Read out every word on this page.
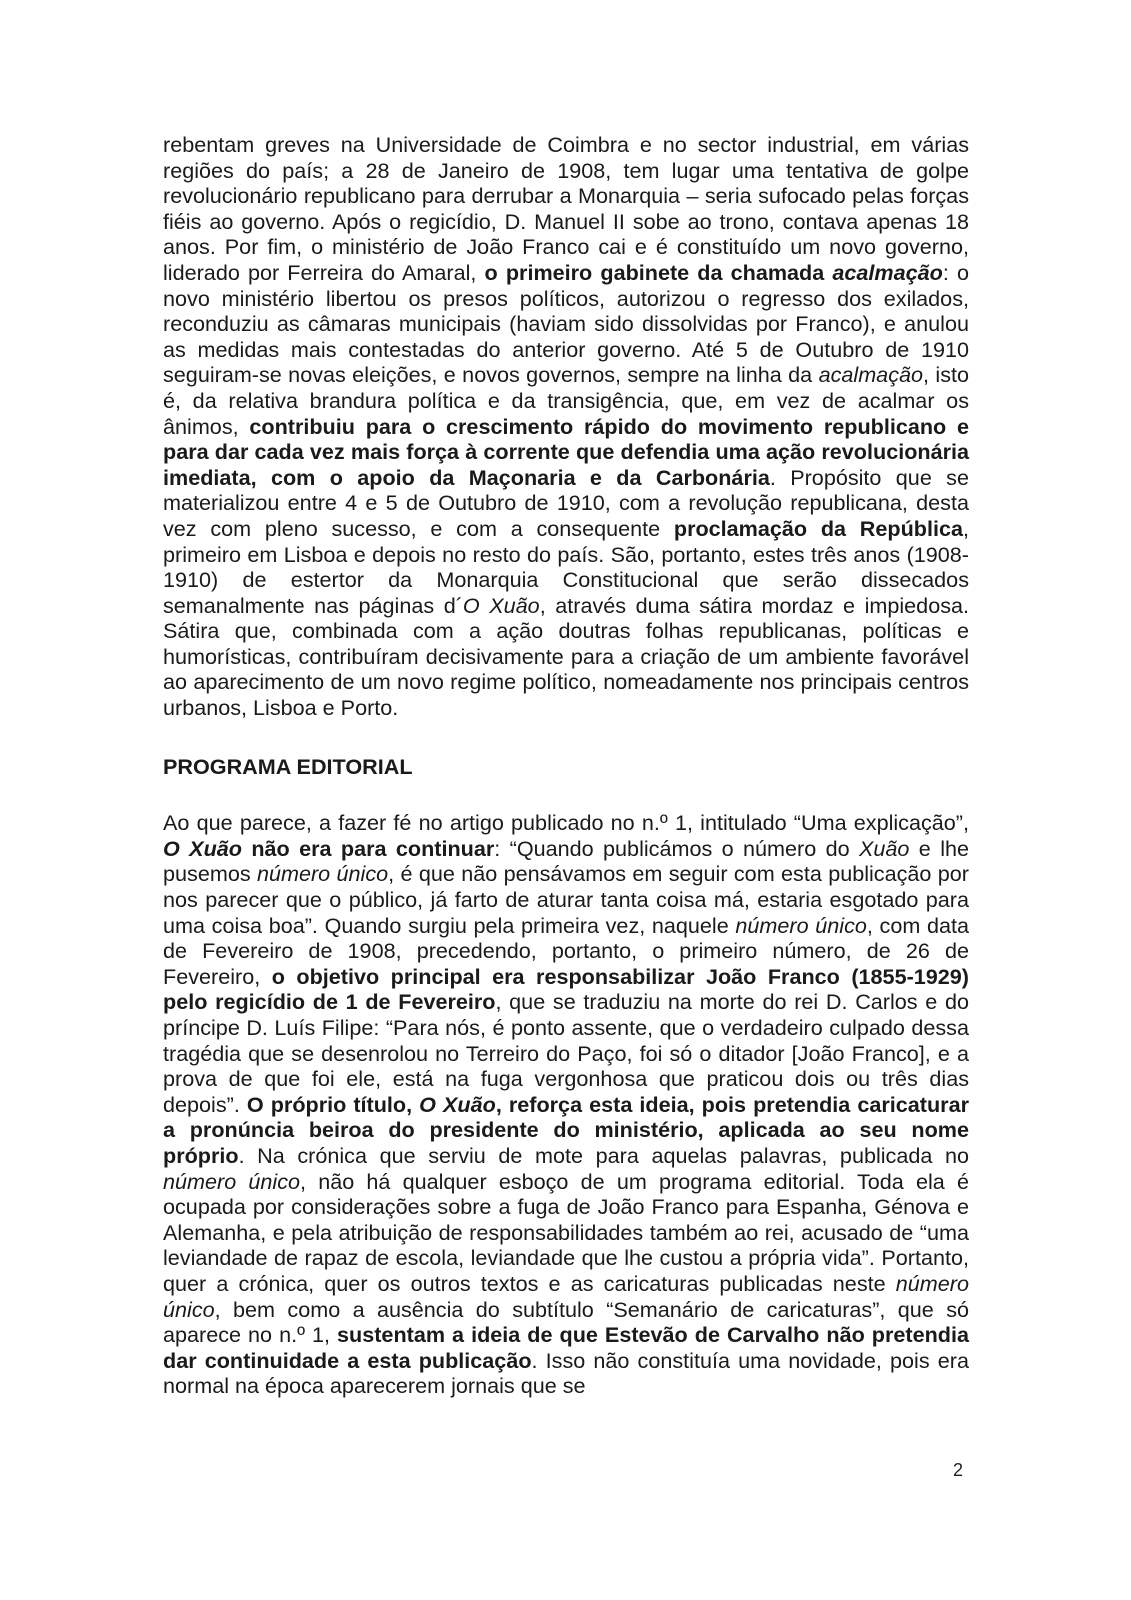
rebentam greves na Universidade de Coimbra e no sector industrial, em várias regiões do país; a 28 de Janeiro de 1908, tem lugar uma tentativa de golpe revolucionário republicano para derrubar a Monarquia – seria sufocado pelas forças fiéis ao governo. Após o regicídio, D. Manuel II sobe ao trono, contava apenas 18 anos. Por fim, o ministério de João Franco cai e é constituído um novo governo, liderado por Ferreira do Amaral, o primeiro gabinete da chamada acalmação: o novo ministério libertou os presos políticos, autorizou o regresso dos exilados, reconduziu as câmaras municipais (haviam sido dissolvidas por Franco), e anulou as medidas mais contestadas do anterior governo. Até 5 de Outubro de 1910 seguiram-se novas eleições, e novos governos, sempre na linha da acalmação, isto é, da relativa brandura política e da transigência, que, em vez de acalmar os ânimos, contribuiu para o crescimento rápido do movimento republicano e para dar cada vez mais força à corrente que defendia uma ação revolucionária imediata, com o apoio da Maçonaria e da Carbonária. Propósito que se materializou entre 4 e 5 de Outubro de 1910, com a revolução republicana, desta vez com pleno sucesso, e com a consequente proclamação da República, primeiro em Lisboa e depois no resto do país. São, portanto, estes três anos (1908-1910) de estertor da Monarquia Constitucional que serão dissecados semanalmente nas páginas d´O Xuão, através duma sátira mordaz e impiedosa. Sátira que, combinada com a ação doutras folhas republicanas, políticas e humorísticas, contribuíram decisivamente para a criação de um ambiente favorável ao aparecimento de um novo regime político, nomeadamente nos principais centros urbanos, Lisboa e Porto.

PROGRAMA EDITORIAL

Ao que parece, a fazer fé no artigo publicado no n.º 1, intitulado “Uma explicação”, O Xuão não era para continuar: “Quando publicámos o número do Xuão e lhe pusemos número único, é que não pensávamos em seguir com esta publicação por nos parecer que o público, já farto de aturar tanta coisa má, estaria esgotado para uma coisa boa”. Quando surgiu pela primeira vez, naquele número único, com data de Fevereiro de 1908, precedendo, portanto, o primeiro número, de 26 de Fevereiro, o objetivo principal era responsabilizar João Franco (1855-1929) pelo regicídio de 1 de Fevereiro, que se traduziu na morte do rei D. Carlos e do príncipe D. Luís Filipe: “Para nós, é ponto assente, que o verdadeiro culpado dessa tragédia que se desenrolou no Terreiro do Paço, foi só o ditador [João Franco], e a prova de que foi ele, está na fuga vergonhosa que praticou dois ou três dias depois”. O próprio título, O Xuão, reforça esta ideia, pois pretendia caricaturar a pronúncia beiroa do presidente do ministério, aplicada ao seu nome próprio. Na crónica que serviu de mote para aquelas palavras, publicada no número único, não há qualquer esboço de um programa editorial. Toda ela é ocupada por considerações sobre a fuga de João Franco para Espanha, Génova e Alemanha, e pela atribuição de responsabilidades também ao rei, acusado de “uma leviandade de rapaz de escola, leviandade que lhe custou a própria vida”. Portanto, quer a crónica, quer os outros textos e as caricaturas publicadas neste número único, bem como a ausência do subtítulo “Semanário de caricaturas”, que só aparece no n.º 1, sustentam a ideia de que Estevão de Carvalho não pretendia dar continuidade a esta publicação. Isso não constituía uma novidade, pois era normal na época aparecerem jornais que se

2
